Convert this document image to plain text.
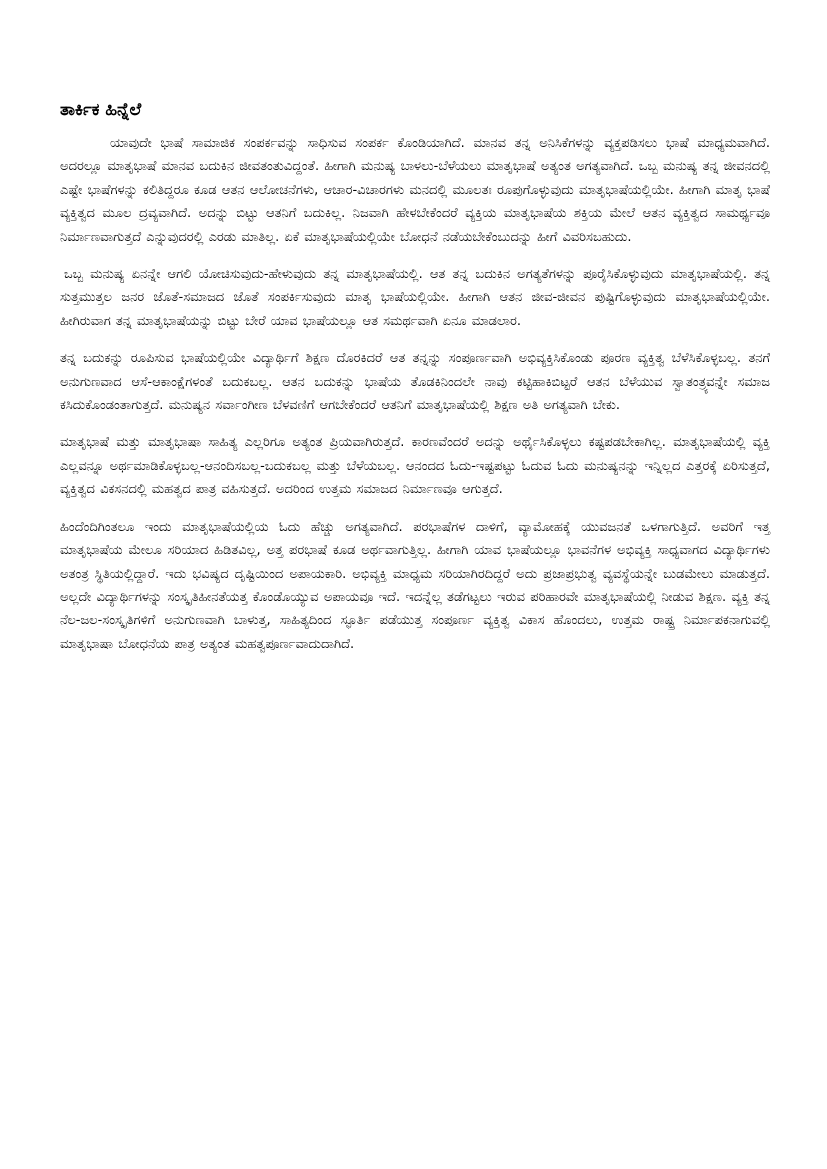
ತಾರ್ಕಿಕ ಹಿನ್ನೆಲೆ

ಯಾವುದೇ ಭಾಷೆ ಸಾಮಾಜಿಕ ಸಂಪರ್ಕವನ್ನು ಸಾಧಿಸುವ ಸಂಪರ್ಕ ಕೊಂಡಿಯಾಗಿದೆ. ಮಾನವ ತನ್ನ ಅನಿಸಿಕೆಗಳನ್ನು ವ್ಯಕ್ತಪಡಿಸಲು ಭಾಷೆ ಮಾಧ್ಯಮವಾಗಿದೆ. ಅದರಲ್ಲೂ ಮಾತೃಭಾಷೆ ಮಾನವ ಬದುಕಿನ ಜೀವತಂತುವಿದ್ದಂತೆ. ಹೀಗಾಗಿ ಮನುಷ್ಯ ಬಾಳಲು-ಬೆಳೆಯಲು ಮಾತೃಭಾಷೆ ಅತ್ಯಂತ ಅಗತ್ಯವಾಗಿದೆ. ಒಬ್ಬ ಮನುಷ್ಯ ತನ್ನ ಜೀವನದಲ್ಲಿ ಎಷ್ಟೇ ಭಾಷೆಗಳನ್ನು ಕಲಿತಿದ್ದರೂ ಕೂಡ ಆತನ ಆಲೋಚನೆಗಳು, ಆಚಾರ-ವಿಚಾರಗಳು ಮನದಲ್ಲಿ ಮೂಲತಃ ರೂಪುಗೊಳ್ಳುವುದು ಮಾತೃಭಾಷೆಯಲ್ಲಿಯೇ. ಹೀಗಾಗಿ ಮಾತೃ ಭಾಷೆ ವ್ಯಕ್ತಿತ್ವದ ಮೂಲ ದ್ರವ್ಯವಾಗಿದೆ. ಅದನ್ನು ಬಿಟ್ಟು ಆತನಿಗೆ ಬದುಕಿಲ್ಲ. ನಿಜವಾಗಿ ಹೇಳಬೇಕೆಂದರೆ ವ್ಯಕ್ತಿಯ ಮಾತೃಭಾಷೆಯ ಶಕ್ತಿಯ ಮೇಲೆ ಆತನ ವ್ಯಕ್ತಿತ್ವದ ಸಾಮರ್ಥ್ಯವೂ ನಿರ್ಮಾಣವಾಗುತ್ತದೆ ಎನ್ನುವುದರಲ್ಲಿ ಎರಡು ಮಾತಿಲ್ಲ. ಏಕೆ ಮಾತೃಭಾಷೆಯಲ್ಲಿಯೇ ಬೋಧನೆ ನಡೆಯಬೇಕೆಂಬುದನ್ನು ಹೀಗೆ ವಿವರಿಸಬಹುದು.

ಒಬ್ಬ ಮನುಷ್ಯ ಏನನ್ನೇ ಆಗಲಿ ಯೋಚಿಸುವುದು-ಹೇಳುವುದು ತನ್ನ ಮಾತೃಭಾಷೆಯಲ್ಲಿ. ಆತ ತನ್ನ ಬದುಕಿನ ಅಗತ್ಯತೆಗಳನ್ನು ಪೂರೈಸಿಕೊಳ್ಳುವುದು ಮಾತೃಭಾಷೆಯಲ್ಲಿ. ತನ್ನ ಸುತ್ತಮುತ್ತಲ ಜನರ ಜೊತೆ-ಸಮಾಜದ ಜೊತೆ ಸಂಪರ್ಕಿಸುವುದು ಮಾತೃ ಭಾಷೆಯಲ್ಲಿಯೇ. ಹೀಗಾಗಿ ಆತನ ಜೀವ-ಜೀವನ ಪುಷ್ಟಿಗೊಳ್ಳುವುದು ಮಾತೃಭಾಷೆಯಲ್ಲಿಯೇ. ಹೀಗಿರುವಾಗ ತನ್ನ ಮಾತೃಭಾಷೆಯನ್ನು ಬಿಟ್ಟು ಬೇರೆ ಯಾವ ಭಾಷೆಯಲ್ಲೂ ಆತ ಸಮರ್ಥವಾಗಿ ಏನೂ ಮಾಡಲಾರ.

ತನ್ನ ಬದುಕನ್ನು ರೂಪಿಸುವ ಭಾಷೆಯಲ್ಲಿಯೇ ವಿದ್ಯಾರ್ಥಿಗೆ ಶಿಕ್ಷಣ ದೊರಕಿದರೆ ಆತ ತನ್ನನ್ನು ಸಂಪೂರ್ಣವಾಗಿ ಅಭಿವ್ಯಕ್ತಿಸಿಕೊಂಡು ಪೂರಣ ವ್ಯಕ್ತಿತ್ವ ಬೆಳೆಸಿಕೊಳ್ಳಬಲ್ಲ. ತನಗೆ ಅನುಗುಣವಾದ ಆಸೆ-ಆಕಾಂಕ್ಷೆಗಳಂತೆ ಬದುಕಬಲ್ಲ. ಆತನ ಬದುಕನ್ನು ಭಾಷೆಯ ತೊಡಕಿನಿಂದಲೇ ನಾವು ಕಟ್ಟಿಹಾಕಿಬಿಟ್ಟರೆ ಆತನ ಬೆಳೆಯುವ ಸ್ವಾತಂತ್ರ್ಯವನ್ನೇ ಸಮಾಜ ಕಸಿದುಕೊಂಡಂತಾಗುತ್ತದೆ. ಮನುಷ್ಯನ ಸರ್ವಾಂಗೀಣ ಬೆಳವಣಿಗೆ ಆಗಬೇಕೆಂದರೆ ಆತನಿಗೆ ಮಾತೃಭಾಷೆಯಲ್ಲಿ ಶಿಕ್ಷಣ ಅತಿ ಅಗತ್ಯವಾಗಿ ಬೇಕು.

ಮಾತೃಭಾಷೆ ಮತ್ತು ಮಾತೃಭಾಷಾ ಸಾಹಿತ್ಯ ಎಲ್ಲರಿಗೂ ಅತ್ಯಂತ ಪ್ರಿಯವಾಗಿರುತ್ತದೆ. ಕಾರಣವೆಂದರೆ ಅದನ್ನು ಅರ್ಥೈಸಿಕೊಳ್ಳಲು ಕಷ್ಟಪಡಬೇಕಾಗಿಲ್ಲ. ಮಾತೃಭಾಷೆಯಲ್ಲಿ ವ್ಯಕ್ತಿ ಎಲ್ಲವನ್ನೂ ಅರ್ಥಮಾಡಿಕೊಳ್ಳಬಲ್ಲ-ಆನಂದಿಸಬಲ್ಲ-ಬದುಕಬಲ್ಲ ಮತ್ತು ಬೆಳೆಯಬಲ್ಲ. ಆನಂದದ ಓದು-ಇಷ್ಟಪಟ್ಟು ಓದುವ ಓದು ಮನುಷ್ಯನನ್ನು ಇನ್ನಿಲ್ಲದ ಎತ್ತರಕ್ಕೆ ಏರಿಸುತ್ತದೆ, ವ್ಯಕ್ತಿತ್ವದ ವಿಕಸನದಲ್ಲಿ ಮಹತ್ವದ ಪಾತ್ರ ವಹಿಸುತ್ತದೆ. ಅದರಿಂದ ಉತ್ತಮ ಸಮಾಜದ ನಿರ್ಮಾಣವೂ ಆಗುತ್ತದೆ.

ಹಿಂದೆಂದಿಗಿಂತಲೂ ಇಂದು ಮಾತೃಭಾಷೆಯಲ್ಲಿಯ ಓದು ಹೆಚ್ಚು ಅಗತ್ಯವಾಗಿದೆ. ಪರಭಾಷೆಗಳ ದಾಳಿಗೆ, ವ್ಯಾಮೋಹಕ್ಕೆ ಯುವಜನತೆ ಒಳಗಾಗುತ್ತಿದೆ. ಅವರಿಗೆ ಇತ್ತ ಮಾತೃಭಾಷೆಯ ಮೇಲೂ ಸರಿಯಾದ ಹಿಡಿತವಿಲ್ಲ, ಅತ್ತ ಪರಭಾಷೆ ಕೂಡ ಅರ್ಥವಾಗುತ್ತಿಲ್ಲ. ಹೀಗಾಗಿ ಯಾವ ಭಾಷೆಯಲ್ಲೂ ಭಾವನೆಗಳ ಅಭಿವ್ಯಕ್ತಿ ಸಾಧ್ಯವಾಗದ ವಿದ್ಯಾರ್ಥಿಗಳು ಅತಂತ್ರ ಸ್ಥಿತಿಯಲ್ಲಿದ್ದಾರೆ. ಇದು ಭವಿಷ್ಯದ ದೃಷ್ಟಿಯಿಂದ ಅಪಾಯಕಾರಿ. ಅಭಿವ್ಯಕ್ತಿ ಮಾಧ್ಯಮ ಸರಿಯಾಗಿರದಿದ್ದರೆ ಅದು ಪ್ರಜಾಪ್ರಭುತ್ವ ವ್ಯವಸ್ಥೆಯನ್ನೇ ಬುಡಮೇಲು ಮಾಡುತ್ತದೆ. ಅಲ್ಲದೇ ವಿದ್ಯಾರ್ಥಿಗಳನ್ನು ಸಂಸ್ಕೃತಿಹೀನತೆಯತ್ತ ಕೊಂಡೊಯ್ಯುವ ಅಪಾಯವೂ ಇದೆ. ಇದನ್ನೆಲ್ಲ ತಡೆಗಟ್ಟಲು ಇರುವ ಪರಿಹಾರವೇ ಮಾತೃಭಾಷೆಯಲ್ಲಿ ನೀಡುವ ಶಿಕ್ಷಣ. ವ್ಯಕ್ತಿ ತನ್ನ ನೆಲ-ಜಲ-ಸಂಸ್ಕೃತಿಗಳಿಗೆ ಅನುಗುಣವಾಗಿ ಬಾಳುತ್ತ, ಸಾಹಿತ್ಯದಿಂದ ಸ್ಫೂರ್ತಿ ಪಡೆಯುತ್ತ ಸಂಪೂರ್ಣ ವ್ಯಕ್ತಿತ್ವ ವಿಕಾಸ ಹೊಂದಲು, ಉತ್ತಮ ರಾಷ್ಟ್ರ ನಿರ್ಮಾಪಕನಾಗುವಲ್ಲಿ ಮಾತೃಭಾಷಾ ಬೋಧನೆಯ ಪಾತ್ರ ಅತ್ಯಂತ ಮಹತ್ವಪೂರ್ಣವಾದುದಾಗಿದೆ.
